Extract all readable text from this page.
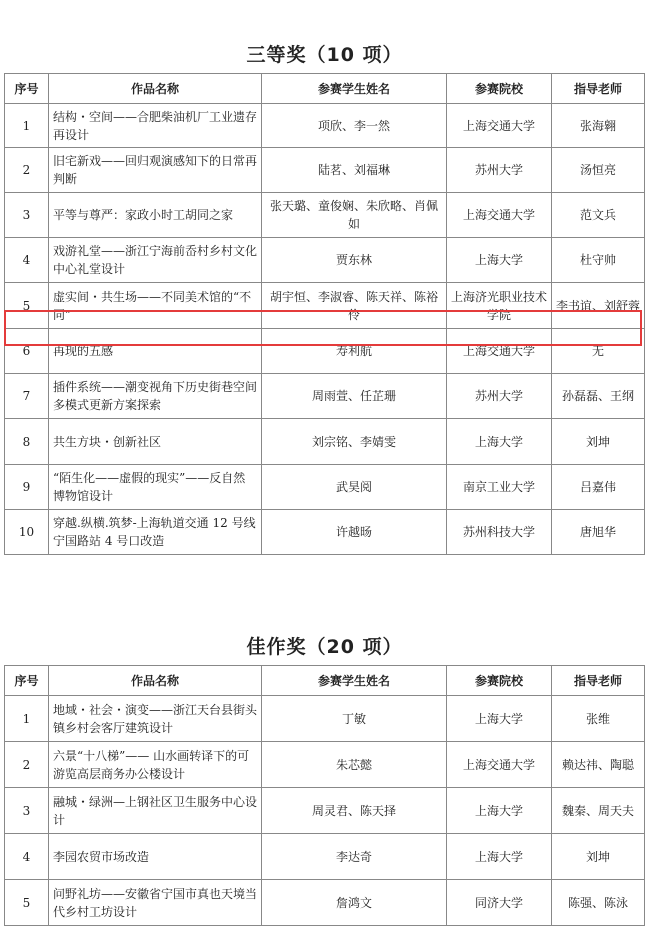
三等奖（10 项）
序号	作品名称	参赛学生姓名	参赛院校	指导老师
1	结构・空间——合肥柴油机厂工业遗存再设计	项欣、李一然	上海交通大学	张海翱
2	旧宅新戏——回归观演感知下的日常再判断	陆茗、刘福琳	苏州大学	汤恒亮
3	平等与尊严：家政小时工胡同之家	张天璐、童俊娴、朱欣略、肖佩如	上海交通大学	范文兵
4	戏游礼堂——浙江宁海前岙村乡村文化中心礼堂设计	贾东林	上海大学	杜守帅
5	虚实间・共生场——不同美术馆的“不同”	胡宇恒、李淑睿、陈天祥、陈裕伶	上海济光职业技术学院	李书谊、刘舒蓉
6	再现的五感	寿利航	上海交通大学	无
7	插件系统——潮变视角下历史街巷空间多模式更新方案探索	周雨萱、任芷珊	苏州大学	孙磊磊、王纲
8	共生方块・创新社区	刘宗铭、李婧雯	上海大学	刘坤
9	“陌生化——虚假的现实”——反自然博物馆设计	武昊阅	南京工业大学	吕嘉伟
10	穿越.纵横.筑梦-上海轨道交通 12 号线宁国路站 4 号口改造	许越旸	苏州科技大学	唐旭华
佳作奖（20 项）
序号	作品名称	参赛学生姓名	参赛院校	指导老师
1	地域・社会・演变——浙江天台县街头镇乡村会客厅建筑设计	丁敏	上海大学	张维
2	六景“十八梯”—— 山水画转译下的可游览高层商务办公楼设计	朱芯懿	上海交通大学	赖达祎、陶聪
3	融城・绿洲—上钢社区卫生服务中心设计	周灵君、陈天择	上海大学	魏秦、周天夫
4	李园农贸市场改造	李达奇	上海大学	刘坤
5	问野礼坊——安徽省宁国市真也天境当代乡村工坊设计	詹鸿文	同济大学	陈强、陈泳
